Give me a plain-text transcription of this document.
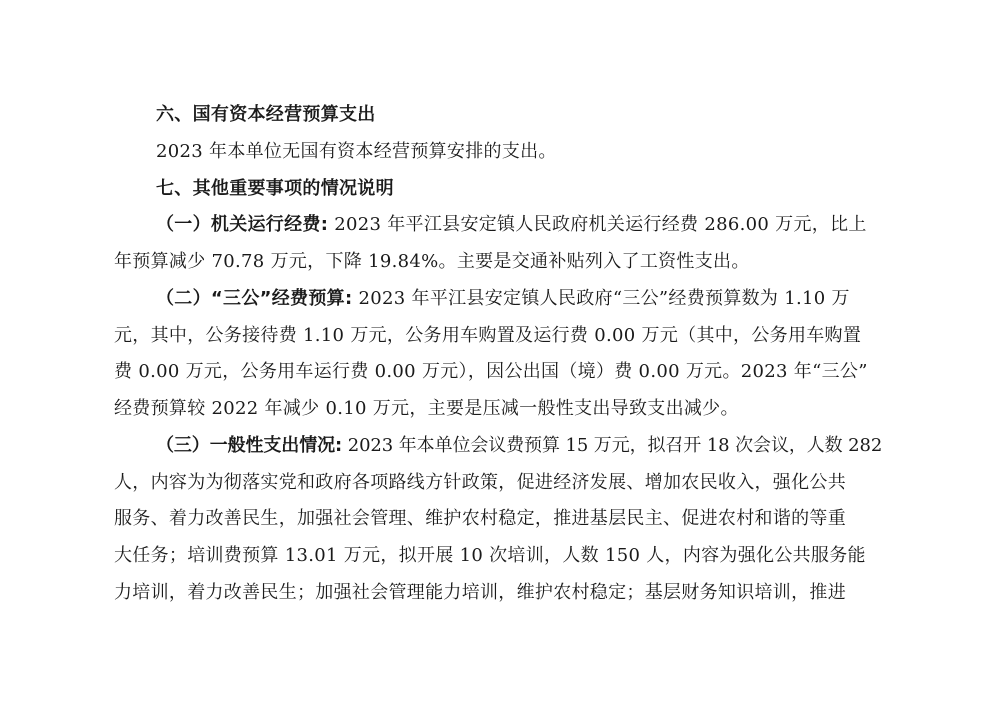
六、国有资本经营预算支出
2023 年本单位无国有资本经营预算安排的支出。
七、其他重要事项的情况说明
（一）机关运行经费: 2023 年平江县安定镇人民政府机关运行经费 286.00 万元，比上
年预算减少 70.78 万元，下降 19.84%。主要是交通补贴列入了工资性支出。
（二）“三公”经费预算: 2023 年平江县安定镇人民政府“三公”经费预算数为 1.10 万
元，其中，公务接待费 1.10 万元，公务用车购置及运行费 0.00 万元（其中，公务用车购置
费 0.00 万元，公务用车运行费 0.00 万元），因公出国（境）费 0.00 万元。2023 年“三公”
经费预算较 2022 年减少 0.10 万元，主要是压减一般性支出导致支出减少。
（三）一般性支出情况: 2023 年本单位会议费预算 15 万元，拟召开 18 次会议，人数 282
人，内容为为彻落实党和政府各项路线方针政策，促进经济发展、增加农民收入，强化公共
服务、着力改善民生，加强社会管理、维护农村稳定，推进基层民主、促进农村和谐的等重
大任务；培训费预算 13.01 万元，拟开展 10 次培训，人数 150 人，内容为强化公共服务能
力培训，着力改善民生；加强社会管理能力培训，维护农村稳定；基层财务知识培训，推进
